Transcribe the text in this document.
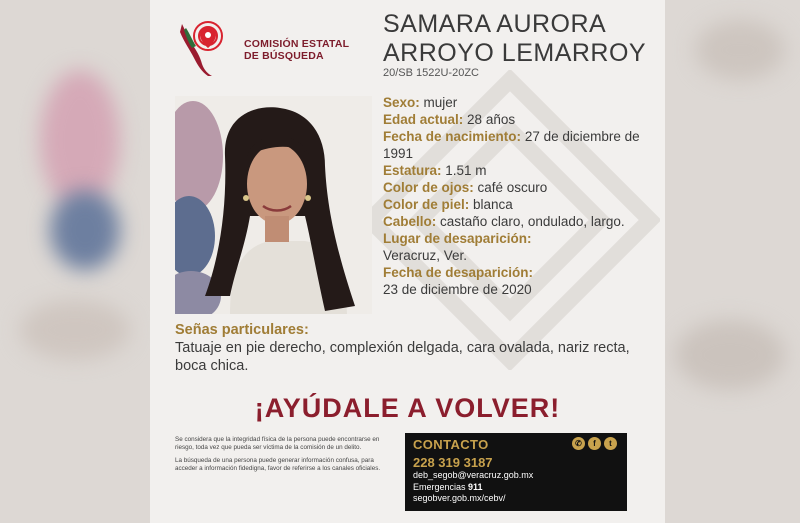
COMISIÓN ESTATAL
DE BÚSQUEDA
SAMARA AURORA
ARROYO LEMARROY
20/SB 1522U-20ZC
Sexo: mujer
Edad actual: 28 años
Fecha de nacimiento: 27 de diciembre de 1991
Estatura: 1.51 m
Color de ojos: café oscuro
Color de piel: blanca
Cabello: castaño claro, ondulado, largo.
Lugar de desaparición:
Veracruz, Ver.
Fecha de desaparición:
23 de diciembre de 2020
Señas particulares:
Tatuaje en pie derecho, complexión delgada, cara ovalada, nariz recta, boca chica.
¡AYÚDALE A VOLVER!

Se considera que la integridad física de la persona puede encontrarse en riesgo, toda vez que pueda ser víctima de la comisión de un delito.

La búsqueda de una persona puede generar información confusa, para acceder a información fidedigna, favor de referirse a los canales oficiales.

CONTACTO	✆	f	t
228 319 3187
deb_segob@veracruz.gob.mx
Emergencias 911
segobver.gob.mx/cebv/
